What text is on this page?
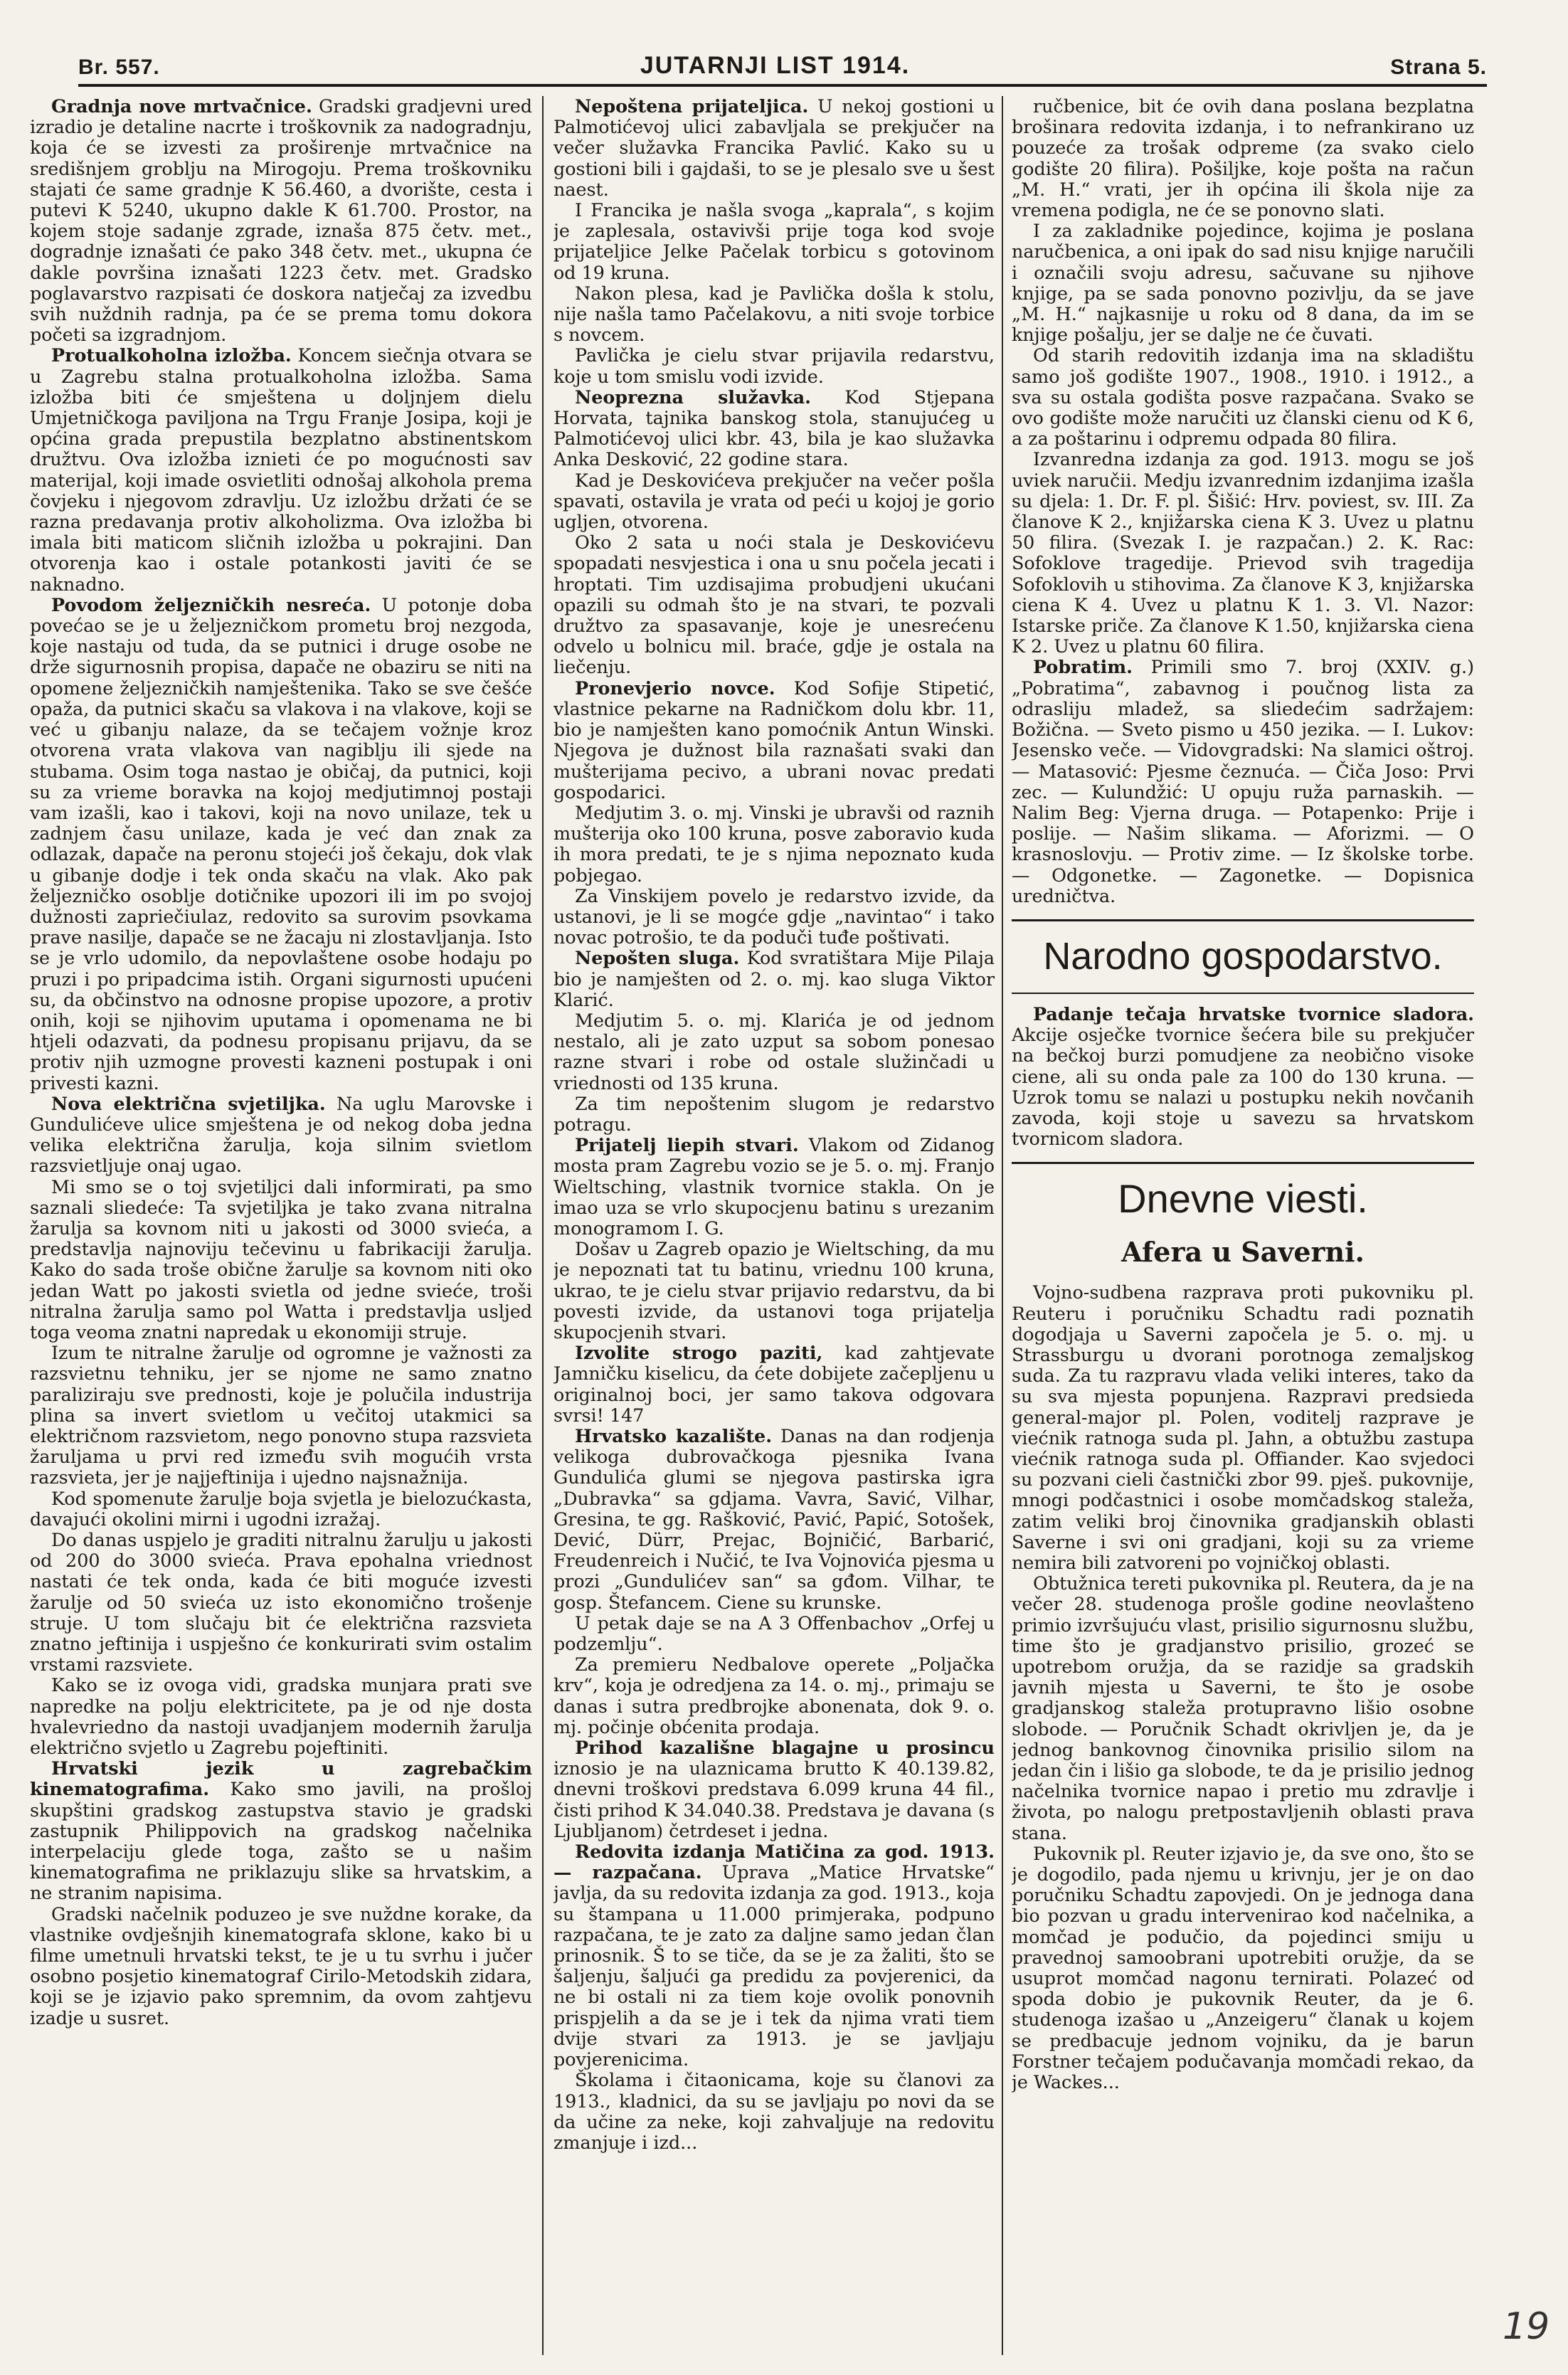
Br. 557.	JUTARNJI LIST 1914.	Strana 5.

Gradnja nove mrtvačnice. Gradski gradjevni ured izradio je detaline nacrte i troškovnik za nadogradnju, koja će se izvesti za proširenje mrtvačnice na središnjem groblju na Mirogoju. Prema troškovniku stajati će same gradnje K 56.460, a dvorište, cesta i putevi K 5240, ukupno dakle K 61.700. Prostor, na kojem stoje sadanje zgrade, iznaša 875 četv. met., dogradnje iznašati će pako 348 četv. met., ukupna će dakle površina iznašati 1223 četv. met. Gradsko poglavarstvo razpisati će doskora natječaj za izvedbu svih nuždnih radnja, pa će se prema tomu dokora početi sa izgradnjom.

Protualkoholna izložba. Koncem siečnja otvara se u Zagrebu stalna protualkoholna izložba. Sama izložba biti će smještena u doljnjem dielu Umjetničkoga paviljona na Trgu Franje Josipa, koji je općina grada prepustila bezplatno abstinentskom družtvu. Ova izložba iznieti će po mogućnosti sav materijal, koji imade osvietliti odnošaj alkohola prema čovjeku i njegovom zdravlju. Uz izložbu držati će se razna predavanja protiv alkoholizma. Ova izložba bi imala biti maticom sličnih izložba u pokrajini. Dan otvorenja kao i ostale potankosti javiti će se naknadno.

Povodom željezničkih nesreća. U potonje doba povećao se je u željezničkom prometu broj nezgoda, koje nastaju od tuda, da se putnici i druge osobe ne drže sigurnosnih propisa, dapače ne obaziru se niti na opomene željezničkih namještenika. Tako se sve češće opaža, da putnici skaču sa vlakova i na vlakove, koji se već u gibanju nalaze, da se tečajem vožnje kroz otvorena vrata vlakova van nagiblju ili sjede na stubama. Osim toga nastao je običaj, da putnici, koji su za vrieme boravka na kojoj medjutimnoj postaji vam izašli, kao i takovi, koji na novo unilaze, tek u zadnjem času unilaze, kada je već dan znak za odlazak, dapače na peronu stojeći još čekaju, dok vlak u gibanje dodje i tek onda skaču na vlak. Ako pak željezničko osoblje dotičnike upozori ili im po svojoj dužnosti zapriečiulaz, redovito sa surovim psovkama prave nasilje, dapače se ne žacaju ni zlostavljanja. Isto se je vrlo udomilo, da nepovlaštene osobe hodaju po pruzi i po pripadcima istih. Organi sigurnosti upućeni su, da občinstvo na odnosne propise upozore, a protiv onih, koji se njihovim uputama i opomenama ne bi htjeli odazvati, da podnesu propisanu prijavu, da se protiv njih uzmogne provesti kazneni postupak i oni privesti kazni.

Nova električna svjetiljka. Na uglu Marovske i Gundulićeve ulice smještena je od nekog doba jedna velika električna žarulja, koja silnim svietlom razsvietljuje onaj ugao.

Mi smo se o toj svjetiljci dali informirati, pa smo saznali sliedeće: Ta svjetiljka je tako zvana nitralna žarulja sa kovnom niti u jakosti od 3000 svieća, a predstavlja najnoviju tečevinu u fabrikaciji žarulja. Kako do sada troše obične žarulje sa kovnom niti oko jedan Watt po jakosti svietla od jedne svieće, troši nitralna žarulja samo pol Watta i predstavlja usljed toga veoma znatni napredak u ekonomiji struje.

Izum te nitralne žarulje od ogromne je važnosti za razsvietnu tehniku, jer se njome ne samo znatno paraliziraju sve prednosti, koje je polučila industrija plina sa invert svietlom u večitoj utakmici sa električnom razsvietom, nego ponovno stupa razsvieta žaruljama u prvi red između svih mogućih vrsta razsvieta, jer je najjeftinija i ujedno najsnažnija.

Kod spomenute žarulje boja svjetla je bielozućkasta, davajući okolini mirni i ugodni izražaj.

Do danas uspjelo je graditi nitralnu žarulju u jakosti od 200 do 3000 svieća. Prava epohalna vriednost nastati će tek onda, kada će biti moguće izvesti žarulje od 50 svieća uz isto ekonomično trošenje struje. U tom slučaju bit će električna razsvieta znatno jeftinija i uspješno će konkurirati svim ostalim vrstami razsviete.

Kako se iz ovoga vidi, gradska munjara prati sve napredke na polju elektricitete, pa je od nje dosta hvalevriedno da nastoji uvadjanjem modernih žarulja električno svjetlo u Zagrebu pojeftiniti.

Hrvatski jezik u zagrebačkim kinematografima. Kako smo javili, na prošloj skupštini gradskog zastupstva stavio je gradski zastupnik Philippovich na gradskog načelnika interpelaciju glede toga, zašto se u našim kinematografima ne priklazuju slike sa hrvatskim, a ne stranim napisima.

Gradski načelnik poduzeo je sve nuždne korake, da vlastnike ovdješnjih kinematografa sklone, kako bi u filme umetnuli hrvatski tekst, te je u tu svrhu i jučer osobno posjetio kinematograf Cirilo-Metodskih zidara, koji se je izjavio pako spremnim, da ovom zahtjevu izadje u susret.

Nepoštena prijateljica. U nekoj gostioni u Palmotićevoj ulici zabavljala se prekjučer na večer služavka Francika Pavlić. Kako su u gostioni bili i gajdaši, to se je plesalo sve u šest naest.

I Francika je našla svoga „kaprala“, s kojim je zaplesala, ostavivši prije toga kod svoje prijateljice Jelke Pačelak torbicu s gotovinom od 19 kruna.

Nakon plesa, kad je Pavlička došla k stolu, nije našla tamo Pačelakovu, a niti svoje torbice s novcem.

Pavlička je cielu stvar prijavila redarstvu, koje u tom smislu vodi izvide.

Neoprezna služavka. Kod Stjepana Horvata, tajnika banskog stola, stanujućeg u Palmotićevoj ulici kbr. 43, bila je kao služavka Anka Desković, 22 godine stara.

Kad je Deskovićeva prekjučer na večer pošla spavati, ostavila je vrata od peći u kojoj je gorio ugljen, otvorena.

Oko 2 sata u noći stala je Deskovićevu spopadati nesvjestica i ona u snu počela jecati i hroptati. Tim uzdisajima probudjeni ukućani opazili su odmah što je na stvari, te pozvali družtvo za spasavanje, koje je unesrećenu odvelo u bolnicu mil. braće, gdje je ostala na liečenju.

Pronevjerio novce. Kod Sofije Stipetić, vlastnice pekarne na Radničkom dolu kbr. 11, bio je namješten kano pomoćnik Antun Winski. Njegova je dužnost bila raznašati svaki dan mušterijama pecivo, a ubrani novac predati gospodarici.

Medjutim 3. o. mj. Vinski je ubravši od raznih mušterija oko 100 kruna, posve zaboravio kuda ih mora predati, te je s njima nepoznato kuda pobjegao.

Za Vinskijem povelo je redarstvo izvide, da ustanovi, je li se mogće gdje „navintao“ i tako novac potrošio, te da poduči tuđe poštivati.

Nepošten sluga. Kod svratištara Mije Pilaja bio je namješten od 2. o. mj. kao sluga Viktor Klarić.

Medjutim 5. o. mj. Klarića je od jednom nestalo, ali je zato uzput sa sobom ponesao razne stvari i robe od ostale služinčadi u vriednosti od 135 kruna.

Za tim nepoštenim slugom je redarstvo potragu.

Prijatelj liepih stvari. Vlakom od Zidanog mosta pram Zagrebu vozio se je 5. o. mj. Franjo Wieltsching, vlastnik tvornice stakla. On je imao uza se vrlo skupocjenu batinu s urezanim monogramom I. G.

Došav u Zagreb opazio je Wieltsching, da mu je nepoznati tat tu batinu, vriednu 100 kruna, ukrao, te je cielu stvar prijavio redarstvu, da bi povesti izvide, da ustanovi toga prijatelja skupocjenih stvari.

Izvolite strogo paziti, kad zahtjevate Jamničku kiselicu, da ćete dobijete začepljenu u originalnoj boci, jer samo takova odgovara svrsi! 147

Hrvatsko kazalište. Danas na dan rodjenja velikoga dubrovačkoga pjesnika Ivana Gundulića glumi se njegova pastirska igra „Dubravka“ sa gdjama. Vavra, Savić, Vilhar, Gresina, te gg. Rašković, Pavić, Papić, Sotošek, Dević, Dürr, Prejac, Bojničić, Barbarić, Freudenreich i Nučić, te Iva Vojnovića pjesma u prozi „Gundulićev san“ sa gđom. Vilhar, te gosp. Štefancem. Ciene su krunske.

U petak daje se na A 3 Offenbachov „Orfej u podzemlju“.

Za premieru Nedbalove operete „Poljačka krv“, koja je odredjena za 14. o. mj., primaju se danas i sutra predbrojke abonenata, dok 9. o. mj. počinje obćenita prodaja.

Prihod kazališne blagajne u prosincu iznosio je na ulaznicama brutto K 40.139.82, dnevni troškovi predstava 6.099 kruna 44 fil., čisti prihod K 34.040.38. Predstava je davana (s Ljubljanom) četrdeset i jedna.

Redovita izdanja Matičina za god. 1913. — razpačana. Uprava „Matice Hrvatske“ javlja, da su redovita izdanja za god. 1913., koja su štampana u 11.000 primjeraka, podpuno razpačana, te je zato za daljne samo jedan član prinosnik. Š to se tiče, da se je za žaliti, što se šaljenju, šaljući ga predidu za povjerenici, da ne bi ostali ni za tiem koje ovolik ponovnih prispjelih a da se je i tek da njima vrati tiem dvije stvari za 1913. je se javljaju povjerenicima.

Školama i čitaonicama, koje su članovi za 1913., kladnici, da su se javljaju po novi da se da učine za neke, koji zahvaljuje na redovitu zmanjuje i izd...

ručbenice, bit će ovih dana poslana bezplatna brošinara redovita izdanja, i to nefrankirano uz pouzeće za trošak odpreme (za svako cielo godište 20 filira). Pošiljke, koje pošta na račun „M. H.“ vrati, jer ih općina ili škola nije za vremena podigla, ne će se ponovno slati.

I za zakladnike pojedince, kojima je poslana naručbenica, a oni ipak do sad nisu knjige naručili i označili svoju adresu, sačuvane su njihove knjige, pa se sada ponovno pozivlju, da se jave „M. H.“ najkasnije u roku od 8 dana, da im se knjige pošalju, jer se dalje ne će čuvati.

Od starih redovitih izdanja ima na skladištu samo još godište 1907., 1908., 1910. i 1912., a sva su ostala godišta posve razpačana. Svako se ovo godište može naručiti uz članski cienu od K 6, a za poštarinu i odpremu odpada 80 filira.

Izvanredna izdanja za god. 1913. mogu se još uviek naručii. Medju izvanrednim izdanjima izašla su djela: 1. Dr. F. pl. Šišić: Hrv. poviest, sv. III. Za članove K 2., knjižarska ciena K 3. Uvez u platnu 50 filira. (Svezak I. je razpačan.) 2. K. Rac: Sofoklove tragedije. Prievod svih tragedija Sofoklovih u stihovima. Za članove K 3, knjižarska ciena K 4. Uvez u platnu K 1. 3. Vl. Nazor: Istarske priče. Za članove K 1.50, knjižarska ciena K 2. Uvez u platnu 60 filira.

Pobratim. Primili smo 7. broj (XXIV. g.) „Pobratima“, zabavnog i poučnog lista za odrasliju mladež, sa sliedećim sadržajem: Božična. — Sveto pismo u 450 jezika. — I. Lukov: Jesensko veče. — Vidovgradski: Na slamici oštroj. — Matasović: Pjesme čeznuća. — Čiča Joso: Prvi zec. — Kulundžić: U opuju ruža parnaskih. — Nalim Beg: Vjerna druga. — Potapenko: Prije i poslije. — Našim slikama. — Aforizmi. — O krasnoslovju. — Protiv zime. — Iz školske torbe. — Odgonetke. — Zagonetke. — Dopisnica uredničtva.

Narodno gospodarstvo.

Padanje tečaja hrvatske tvornice sladora. Akcije osječke tvornice šećera bile su prekjučer na bečkoj burzi pomudjene za neobično visoke ciene, ali su onda pale za 100 do 130 kruna. — Uzrok tomu se nalazi u postupku nekih novčanih zavoda, koji stoje u savezu sa hrvatskom tvornicom sladora.

Dnevne viesti.
Afera u Saverni.

Vojno-sudbena razprava proti pukovniku pl. Reuteru i poručniku Schadtu radi poznatih dogodjaja u Saverni započela je 5. o. mj. u Strassburgu u dvorani porotnoga zemaljskog suda. Za tu razpravu vlada veliki interes, tako da su sva mjesta popunjena. Razpravi predsieda general-major pl. Polen, voditelj razprave je viećnik ratnoga suda pl. Jahn, a obtužbu zastupa viećnik ratnoga suda pl. Offiander. Kao svjedoci su pozvani cieli častnički zbor 99. pješ. pukovnije, mnogi podčastnici i osobe momčadskog staleža, zatim veliki broj činovnika gradjanskih oblasti Saverne i svi oni gradjani, koji su za vrieme nemira bili zatvoreni po vojničkoj oblasti.

Obtužnica tereti pukovnika pl. Reutera, da je na večer 28. studenoga prošle godine neovlašteno primio izvršujuću vlast, prisilio sigurnosnu službu, time što je gradjanstvo prisilio, grozeć se upotrebom oružja, da se razidje sa gradskih javnih mjesta u Saverni, te što je osobe gradjanskog staleža protupravno lišio osobne slobode. — Poručnik Schadt okrivljen je, da je jednog bankovnog činovnika prisilio silom na jedan čin i lišio ga slobode, te da je prisilio jednog načelnika tvornice napao i pretio mu zdravlje i života, po nalogu pretpostavljenih oblasti prava stana.

Pukovnik pl. Reuter izjavio je, da sve ono, što se je dogodilo, pada njemu u krivnju, jer je on dao poručniku Schadtu zapovjedi. On je jednoga dana bio pozvan u gradu intervenirao kod načelnika, a momčad je podučio, da pojedinci smiju u pravednoj samoobrani upotrebiti oružje, da se usuprot momčad nagonu ternirati. Polazeć od spoda dobio je pukovnik Reuter, da je 6. studenoga izašao u „Anzeigeru“ članak u kojem se predbacuje jednom vojniku, da je barun Forstner tečajem podučavanja momčadi rekao, da je Wackes...

19
